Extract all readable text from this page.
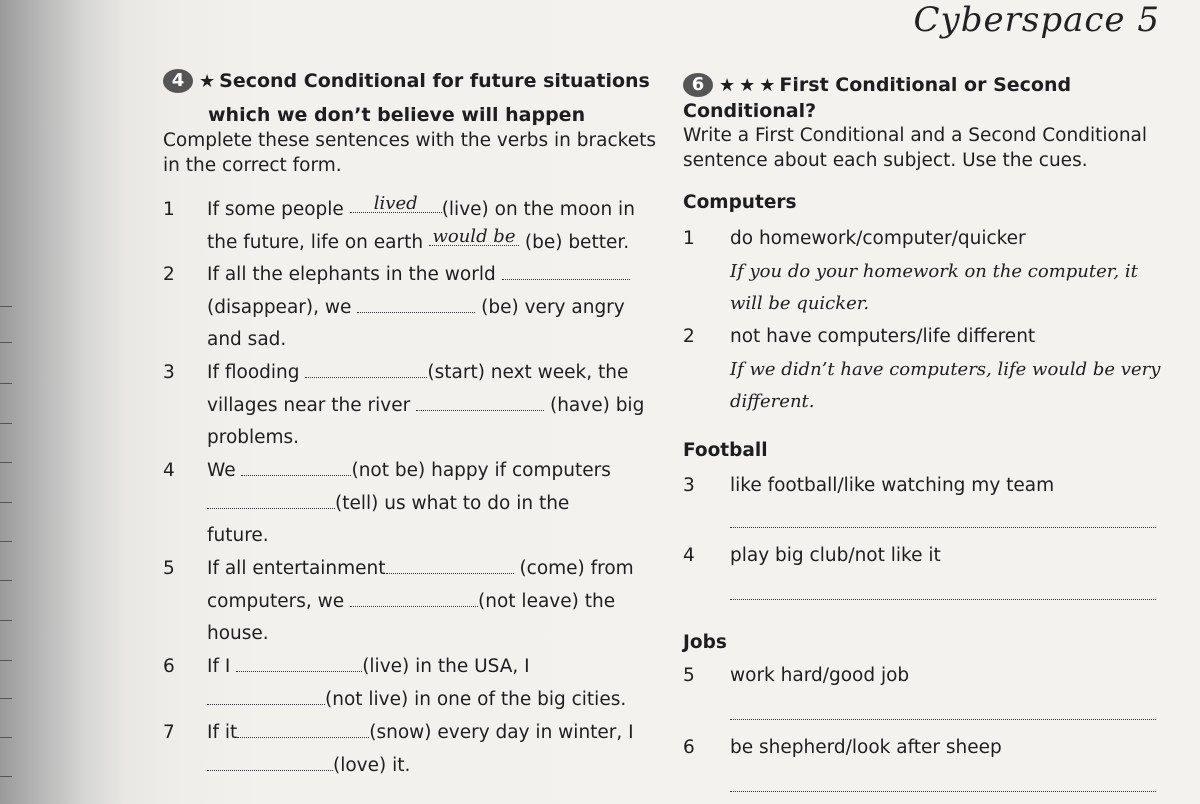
Cyberspace 5
4 ★ Second Conditional for future situations
which we don’t believe will happen
Complete these sentences with the verbs in brackets
in the correct form.
1	If some people lived (live) on the moon in
the future, life on earth would be (be) better.
2	If all the elephants in the world
(disappear), we	(be) very angry
and sad.
3	If flooding	(start) next week, the
villages near the river	(have) big
problems.
4	We	(not be) happy if computers
(tell) us what to do in the
future.
5	If all entertainment	(come) from
computers, we	(not leave) the
house.
6	If I	(live) in the USA, I
(not live) in one of the big cities.
7	If it	(snow) every day in winter, I
(love) it.
6 ★ ★ ★ First Conditional or Second
Conditional?
Write a First Conditional and a Second Conditional
sentence about each subject. Use the cues.
Computers
1	do homework/computer/quicker
If you do your homework on the computer, it
will be quicker.
2	not have computers/life different
If we didn’t have computers, life would be very
different.
Football
3	like football/like watching my team
4	play big club/not like it
Jobs
5	work hard/good job
6	be shepherd/look after sheep
